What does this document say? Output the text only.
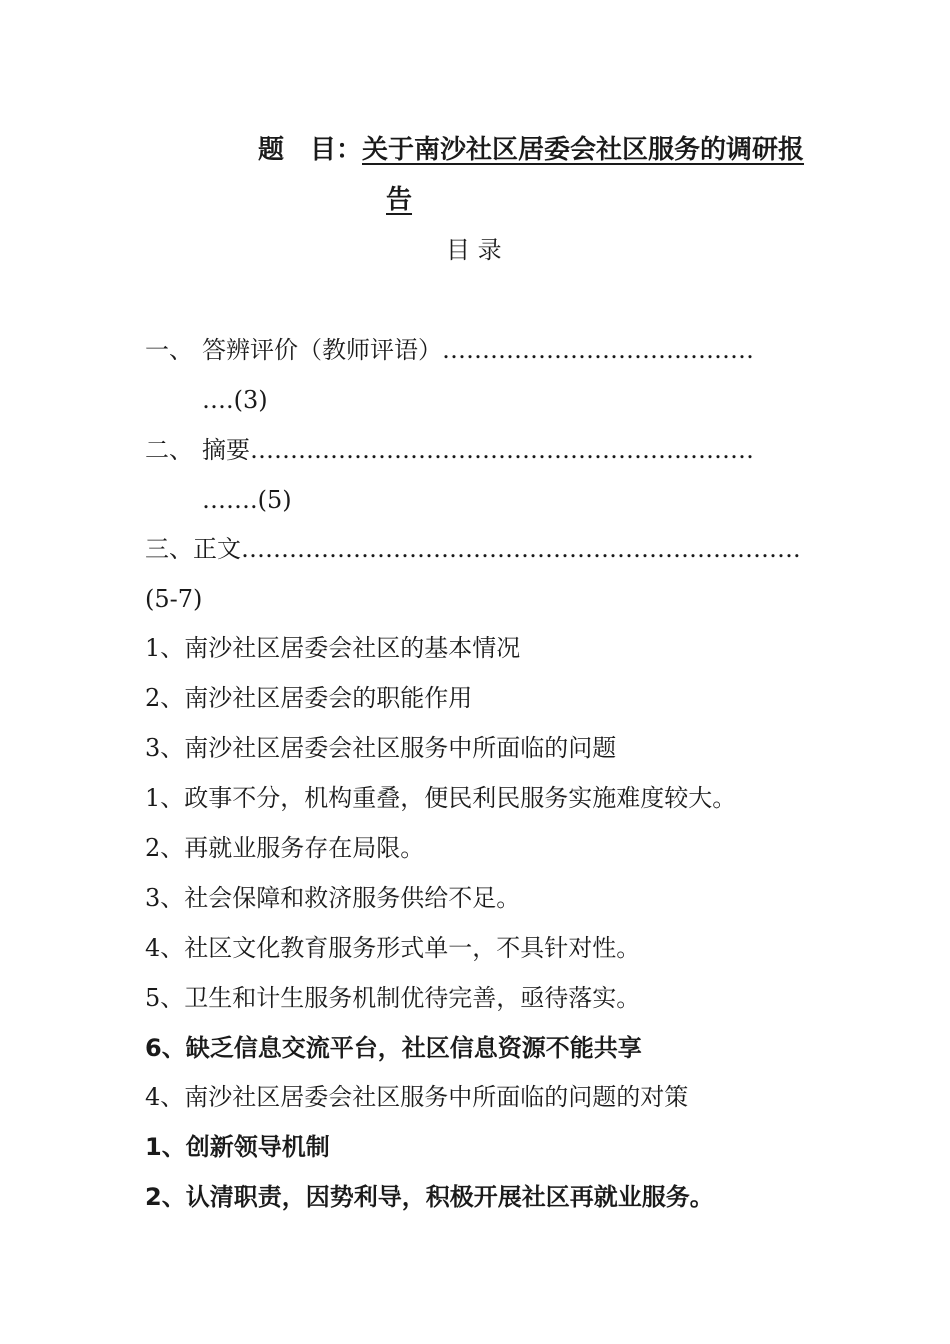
题　目： 关于南沙社区居委会社区服务的调研报
告
目 录
一、 答辨评价（教师评语）…………………………………
….(3)
二、 摘要………………………………………………………
…….(5)
三、正文…………………………………………………………….
(5-7)
1、南沙社区居委会社区的基本情况
2、南沙社区居委会的职能作用
3、南沙社区居委会社区服务中所面临的问题
1、政事不分，机构重叠，便民利民服务实施难度较大。
2、再就业服务存在局限。
3、社会保障和救济服务供给不足。
4、社区文化教育服务形式单一，不具针对性。
5、卫生和计生服务机制优待完善，亟待落实。
6、缺乏信息交流平台，社区信息资源不能共享
4、南沙社区居委会社区服务中所面临的问题的对策
1、创新领导机制
2、认清职责，因势利导，积极开展社区再就业服务。
